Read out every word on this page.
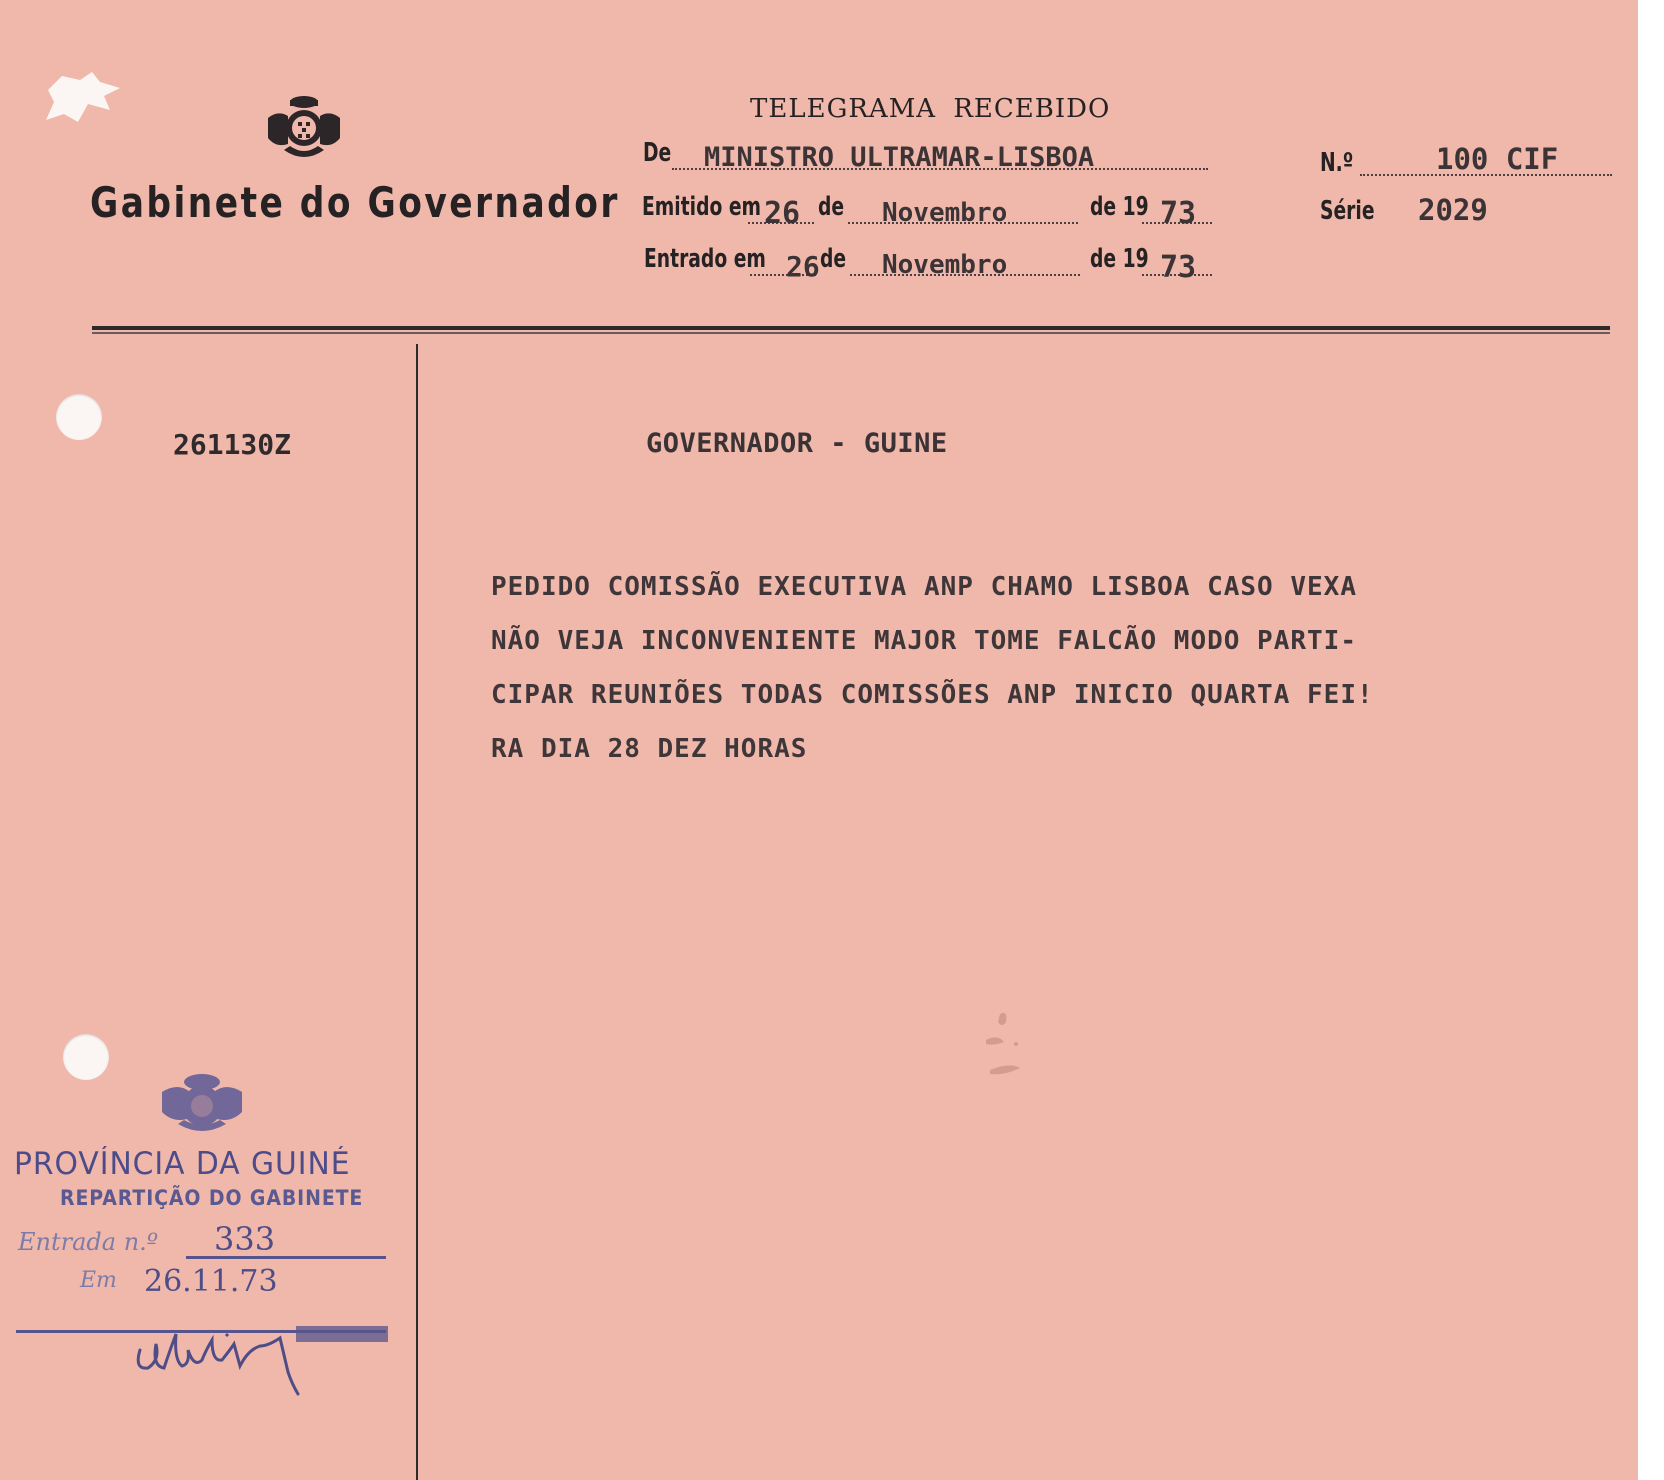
Gabinete do Governador
TELEGRAMA RECEBIDO
De MINISTRO ULTRAMAR-LISBOA	N.º	100 CIF
Série 2029
Emitido em 26 de Novembro	de 19 73
Entrado em 26 de Novembro	de 19 73
261130Z	GOVERNADOR - GUINE
PEDIDO COMISSÃO EXECUTIVA ANP CHAMO LISBOA CASO VEXA
NÃO VEJA INCONVENIENTE MAJOR TOME FALCÃO MODO PARTI-
CIPAR REUNIÕES TODAS COMISSÕES ANP INICIO QUARTA FEI!
RA DIA 28 DEZ HORAS
PROVÍNCIA DA GUINÉ
REPARTIÇÃO DO GABINETE
Entrada n.º 333
Em 26.11.73
